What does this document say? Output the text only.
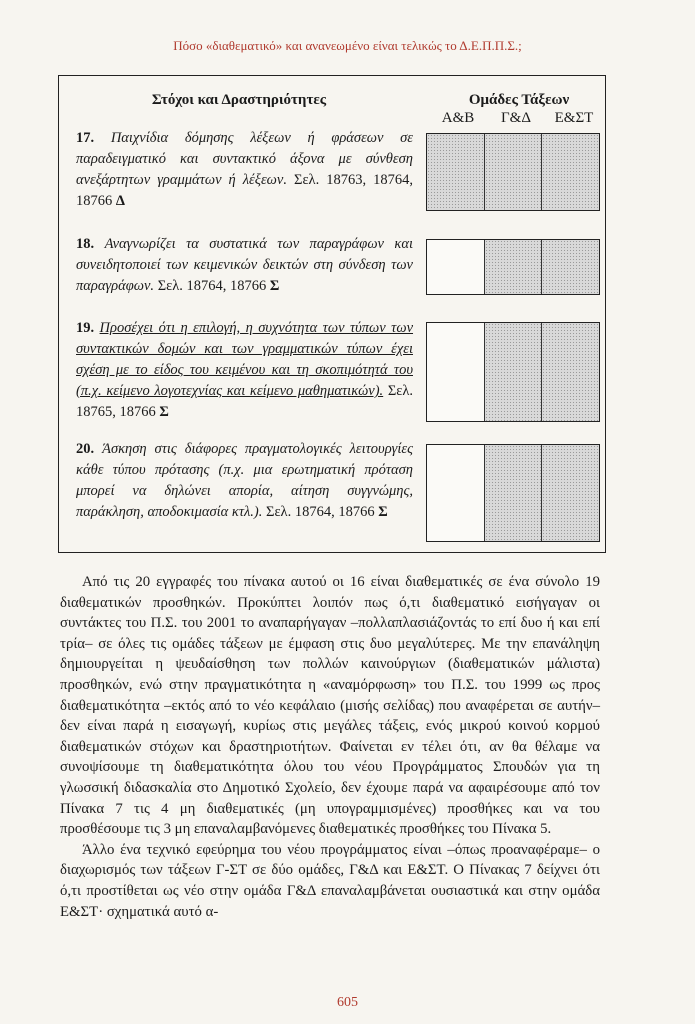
Πόσο «διαθεματικό» και ανανεωμένο είναι τελικώς το Δ.Ε.Π.Π.Σ.;
Στόχοι και Δραστηριότητες	Ομάδες Τάξεων
Α&Β	Γ&Δ	Ε&ΣΤ
17. Παιχνίδια δόμησης λέξεων ή φράσεων σε παραδειγματικό και συντακτικό άξονα με σύνθεση ανεξάρτητων γραμμάτων ή λέξεων. Σελ. 18763, 18764, 18766 Δ
18. Αναγνωρίζει τα συστατικά των παραγράφων και συνειδητοποιεί των κειμενικών δεικτών στη σύνδεση των παραγράφων. Σελ. 18764, 18766 Σ
19. Προσέχει ότι η επιλογή, η συχνότητα των τύπων των συντακτικών δομών και των γραμματικών τύπων έχει σχέση με το είδος του κειμένου και τη σκοπιμότητά του (π.χ. κείμενο λογοτεχνίας και κείμενο μαθηματικών). Σελ. 18765, 18766 Σ
20. Άσκηση στις διάφορες πραγματολογικές λειτουργίες κάθε τύπου πρότασης (π.χ. μια ερωτηματική πρόταση μπορεί να δηλώνει απορία, αίτηση συγγνώμης, παράκληση, αποδοκιμασία κτλ.). Σελ. 18764, 18766 Σ

Από τις 20 εγγραφές του πίνακα αυτού οι 16 είναι διαθεματικές σε ένα σύνολο 19 διαθεματικών προσθηκών. Προκύπτει λοιπόν πως ό,τι διαθεματικό εισήγαγαν οι συντάκτες του Π.Σ. του 2001 το αναπαρήγαγαν –πολλαπλασιάζοντάς το επί δυο ή και επί τρία– σε όλες τις ομάδες τάξεων με έμφαση στις δυο μεγαλύτερες. Με την επανάληψη δημιουργείται η ψευδαίσθηση των πολλών καινούργιων (διαθεματικών μάλιστα) προσθηκών, ενώ στην πραγματικότητα η «αναμόρφωση» του Π.Σ. του 1999 ως προς διαθεματικότητα –εκτός από το νέο κεφάλαιο (μισής σελίδας) που αναφέρεται σε αυτήν– δεν είναι παρά η εισαγωγή, κυρίως στις μεγάλες τάξεις, ενός μικρού κοινού κορμού διαθεματικών στόχων και δραστηριοτήτων. Φαίνεται εν τέλει ότι, αν θα θέλαμε να συνοψίσουμε τη διαθεματικότητα όλου του νέου Προγράμματος Σπουδών για τη γλωσσική διδασκαλία στο Δημοτικό Σχολείο, δεν έχουμε παρά να αφαιρέσουμε από τον Πίνακα 7 τις 4 μη διαθεματικές (μη υπογραμμισμένες) προσθήκες και να του προσθέσουμε τις 3 μη επαναλαμβανόμενες διαθεματικές προσθήκες του Πίνακα 5.

Άλλο ένα τεχνικό εφεύρημα του νέου προγράμματος είναι –όπως προαναφέραμε– ο διαχωρισμός των τάξεων Γ-ΣΤ σε δύο ομάδες, Γ&Δ και Ε&ΣΤ. Ο Πίνακας 7 δείχνει ότι ό,τι προστίθεται ως νέο στην ομάδα Γ&Δ επαναλαμβάνεται ουσιαστικά και στην ομάδα Ε&ΣΤ· σχηματικά αυτό α-

605
